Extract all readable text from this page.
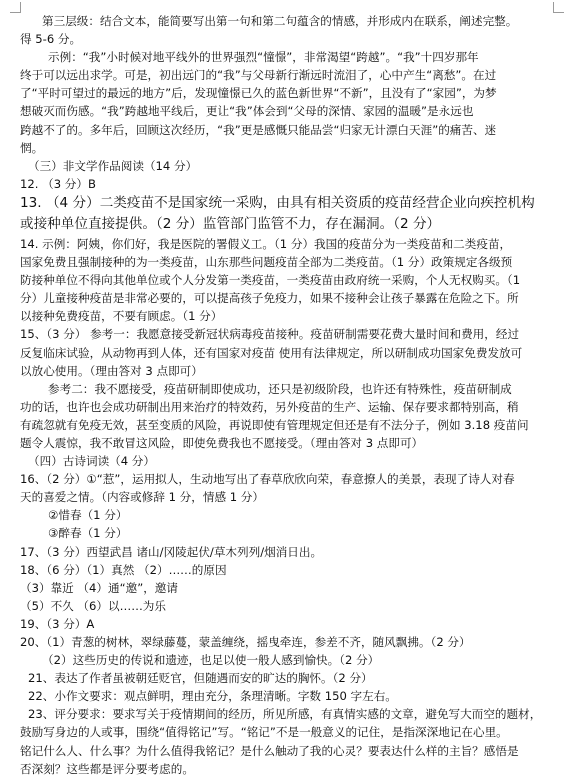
第三层级：结合文本，能简要写出第一句和第二句蕴含的情感，并形成内在联系，阐述完整。
得 5-6 分。
示例：“我”小时候对地平线外的世界强烈“憧憬”，非常渴望“跨越”。“我”十四岁那年
终于可以远出求学。可是，初出远门的“我”与父母新行渐远时流泪了，心中产生“离愁”。在过
了“平时可望过的最远的地方”后，发现憧憬已久的蓝色新世界“不新”，且没有了“家园”，为梦
想破灭而伤感。“我”跨越地平线后，更让“我”体会到“父母的深情、家园的温暖”是永远也
跨越不了的。多年后，回顾这次经历，“我”更是感慨只能品尝“归家无计漂白天涯”的痛苦、迷
惘。
（三）非文学作品阅读（14 分）
12. （3 分）B
13. （4 分）二类疫苗不是国家统一采购，由具有相关资质的疫苗经营企业向疾控机构
或接种单位直接提供。（2 分）监管部门监管不力，存在漏洞。（2 分）
14. 示例：阿姨，你们好，我是医院的署假义工。（1 分）我国的疫苗分为一类疫苗和二类疫苗，
国家免费且强制接种的为一类疫苗，山东那些问题疫苗全部为二类疫苗。（1 分）政策规定各级预
防接种单位不得向其他单位或个人分发第一类疫苗，一类疫苗由政府统一采购，个人无权购买。（1
分）儿童接种疫苗是非常必要的，可以提高孩子免疫力，如果不接种会让孩子暴露在危险之下。所
以接种免费疫苗，不要有顾虑。（1 分）
15、（3 分） 参考一：我愿意接受新冠状病毒疫苗接种。疫苗研制需要花费大量时间和费用，经过
反复临床试验，从动物再到人体，还有国家对疫苗 使用有法律规定，所以研制成功国家免费发放可
以放心使用。（理由答对 3 点即可）
参考二：我不愿接受，疫苗研制即使成功，还只是初级阶段，也许还有特殊性，疫苗研制成
功的话，也许也会成功研制出用来治疗的特效药，另外疫苗的生产、运输、保存要求都特别高，稍
有疏忽就有免疫无效，甚至变质的风险，再说即使有管理规定但还是有不法分子，例如 3.18 疫苗问
题令人震惊，我不敢冒这风险，即使免费我也不愿接受。（理由答对 3 点即可）
（四）古诗词读（4 分）
16、（2 分）①“惹”，运用拟人，生动地写出了春草欣欣向荣，春意撩人的美景，表现了诗人对春
天的喜爱之情。（内容或修辞 1 分，情感 1 分）
②惜春（1 分）
③醉春（1 分）
17、（3 分）西望武昌 诸山/冈陵起伏/草木列列/烟消日出。
18、（6 分）（1）真然 （2）……的原因
（3）靠近 （4）通“邀”，邀请
（5）不久 （6）以……为乐
19、（3 分）A
20、（1）青葱的树林，翠绿藤蔓，蒙盖缠绕，摇曳牵连，参差不齐，随风飘拂。（2 分）
（2）这些历史的传说和遗迹，也足以使一般人感到愉快。（2 分）
21、表达了作者虽被朝廷贬官，但随遇而安的旷达的胸怀。（2 分）
22、小作文要求：观点鲜明，理由充分，条理清晰。字数 150 字左右。
23、评分要求：要求写关于疫情期间的经历，所见所感，有真情实感的文章，避免写大而空的题材，
鼓励写身边的人或事，围绕“值得铭记”写。“铭记”不是一般意义的记住，是指深深地记在心里。
铭记什么人、什么事？为什么值得我铭记？是什么触动了我的心灵？要表达什么样的主旨？感悟是
否深刻？这些都是评分要考虑的。
